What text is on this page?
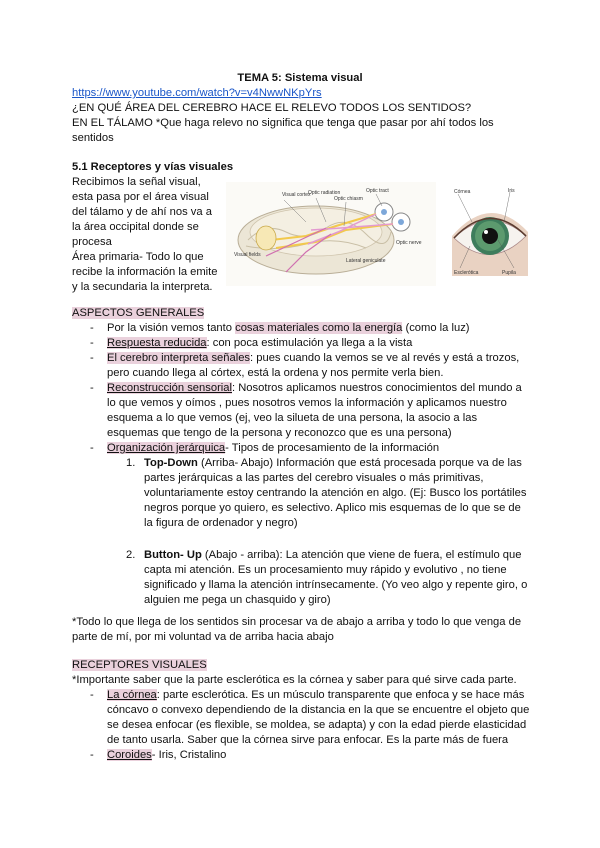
TEMA 5: Sistema visual
https://www.youtube.com/watch?v=v4NwwNKpYrs
¿EN QUÉ ÁREA DEL CEREBRO HACE EL RELEVO TODOS LOS SENTIDOS?
EN EL TÁLAMO *Que haga relevo no significa que tenga que pasar por ahí todos los
sentidos
5.1 Receptores y vías visuales
Recibimos la señal visual,
esta pasa por el área visual
del tálamo y de ahí nos va a
la área occipital donde se
procesa
Área primaria- Todo lo que
recibe la información la emite
y la secundaria la interpreta.
Visual cortex
Optic radiation
Optic chiasm
Optic tract
Lateral geniculate
Optic nerve
Visual fields
Córnea	Iris
Pupila
Esclerótica
ASPECTOS GENERALES
- Por la visión vemos tanto cosas materiales como la energía (como la luz)
- Respuesta reducida: con poca estimulación ya llega a la vista
- El cerebro interpreta señales: pues cuando la vemos se ve al revés y está a trozos,
pero cuando llega al córtex, está la ordena y nos permite verla bien.
- Reconstrucción sensorial: Nosotros aplicamos nuestros conocimientos del mundo a
lo que vemos y oímos , pues nosotros vemos la información y aplicamos nuestro
esquema a lo que vemos (ej, veo la silueta de una persona, la asocio a las
esquemas que tengo de la persona y reconozco que es una persona)
- Organización jerárquica- Tipos de procesamiento de la información
1. Top-Down (Arriba- Abajo) Información que está procesada porque va de las
partes jerárquicas a las partes del cerebro visuales o más primitivas,
voluntariamente estoy centrando la atención en algo. (Ej: Busco los portátiles
negros porque yo quiero, es selectivo. Aplico mis esquemas de lo que se de
la figura de ordenador y negro)
2. Button- Up (Abajo - arriba): La atención que viene de fuera, el estímulo que
capta mi atención. Es un procesamiento muy rápido y evolutivo , no tiene
significado y llama la atención intrínsecamente. (Yo veo algo y repente giro, o
alguien me pega un chasquido y giro)
*Todo lo que llega de los sentidos sin procesar va de abajo a arriba y todo lo que venga de
parte de mí, por mi voluntad va de arriba hacia abajo
RECEPTORES VISUALES
*Importante saber que la parte esclerótica es la córnea y saber para qué sirve cada parte.
- La córnea: parte esclerótica. Es un músculo transparente que enfoca y se hace más
cóncavo o convexo dependiendo de la distancia en la que se encuentre el objeto que
se desea enfocar (es flexible, se moldea, se adapta) y con la edad pierde elasticidad
de tanto usarla. Saber que la córnea sirve para enfocar. Es la parte más de fuera
- Coroides- Iris, Cristalino
